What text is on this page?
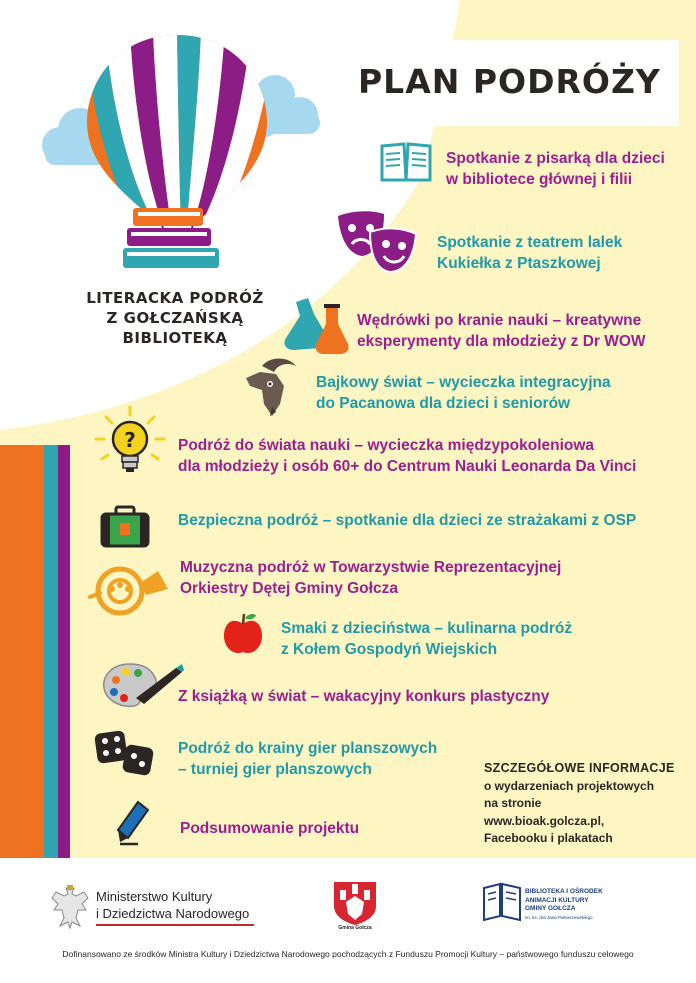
PLAN PODRÓŻY
LITERACKA PODRÓŻ
Z GOŁCZAŃSKĄ
BIBLIOTEKĄ
Spotkanie z pisarką dla dzieci
w bibliotece głównej i filii
Spotkanie z teatrem lalek
Kukiełka z Ptaszkowej
Wędrówki po kranie nauki – kreatywne
eksperymenty dla młodzieży z Dr WOW
Bajkowy świat – wycieczka integracyjna
do Pacanowa dla dzieci i seniorów
?	Podróż do świata nauki – wycieczka międzypokoleniowa
dla młodzieży i osób 60+ do Centrum Nauki Leonarda Da Vinci
Bezpieczna podróż – spotkanie dla dzieci ze strażakami z OSP
Muzyczna podróż w Towarzystwie Reprezentacyjnej
Orkiestry Dętej Gminy Gołcza
Smaki z dzieciństwa – kulinarna podróż
z Kołem Gospodyń Wiejskich
Z książką w świat – wakacyjny konkurs plastyczny
Podróż do krainy gier planszowych
– turniej gier planszowych
Podsumowanie projektu
SZCZEGÓŁOWE INFORMACJE
o wydarzeniach projektowych
na stronie
www.bioak.golcza.pl,
Facebooku i plakatach
Ministerstwo Kultury
i Dziedzictwa Narodowego
Gmina Gołcza
BIBLIOTEKA I OŚRODEK
ANIMACJI KULTURY
GMINY GOŁCZA
im. ks. dra Jana Piekoszewskiego
Dofinansowano ze środków Ministra Kultury i Dziedzictwa Narodowego pochodzących z Funduszu Promocji Kultury – państwowego funduszu celowego
